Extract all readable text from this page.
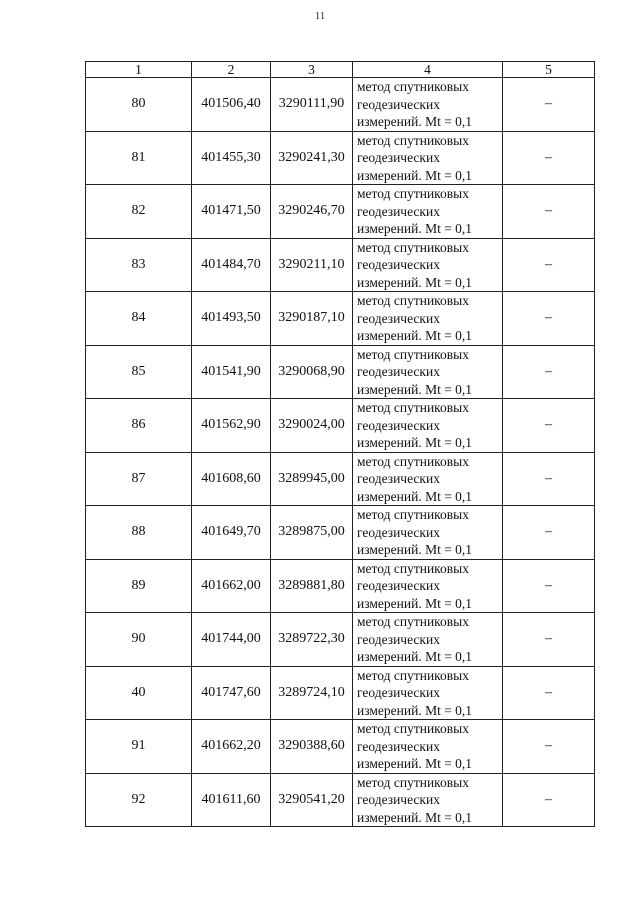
11
1	2	3	4	5
80	401506,40	3290111,90	метод спутниковых
геодезических
измерений. Mt = 0,1	–
81	401455,30	3290241,30	метод спутниковых
геодезических
измерений. Mt = 0,1	–
82	401471,50	3290246,70	метод спутниковых
геодезических
измерений. Mt = 0,1	–
83	401484,70	3290211,10	метод спутниковых
геодезических
измерений. Mt = 0,1	–
84	401493,50	3290187,10	метод спутниковых
геодезических
измерений. Mt = 0,1	–
85	401541,90	3290068,90	метод спутниковых
геодезических
измерений. Mt = 0,1	–
86	401562,90	3290024,00	метод спутниковых
геодезических
измерений. Mt = 0,1	–
87	401608,60	3289945,00	метод спутниковых
геодезических
измерений. Mt = 0,1	–
88	401649,70	3289875,00	метод спутниковых
геодезических
измерений. Mt = 0,1	–
89	401662,00	3289881,80	метод спутниковых
геодезических
измерений. Mt = 0,1	–
90	401744,00	3289722,30	метод спутниковых
геодезических
измерений. Mt = 0,1	–
40	401747,60	3289724,10	метод спутниковых
геодезических
измерений. Mt = 0,1	–
91	401662,20	3290388,60	метод спутниковых
геодезических
измерений. Mt = 0,1	–
92	401611,60	3290541,20	метод спутниковых
геодезических
измерений. Mt = 0,1	–
